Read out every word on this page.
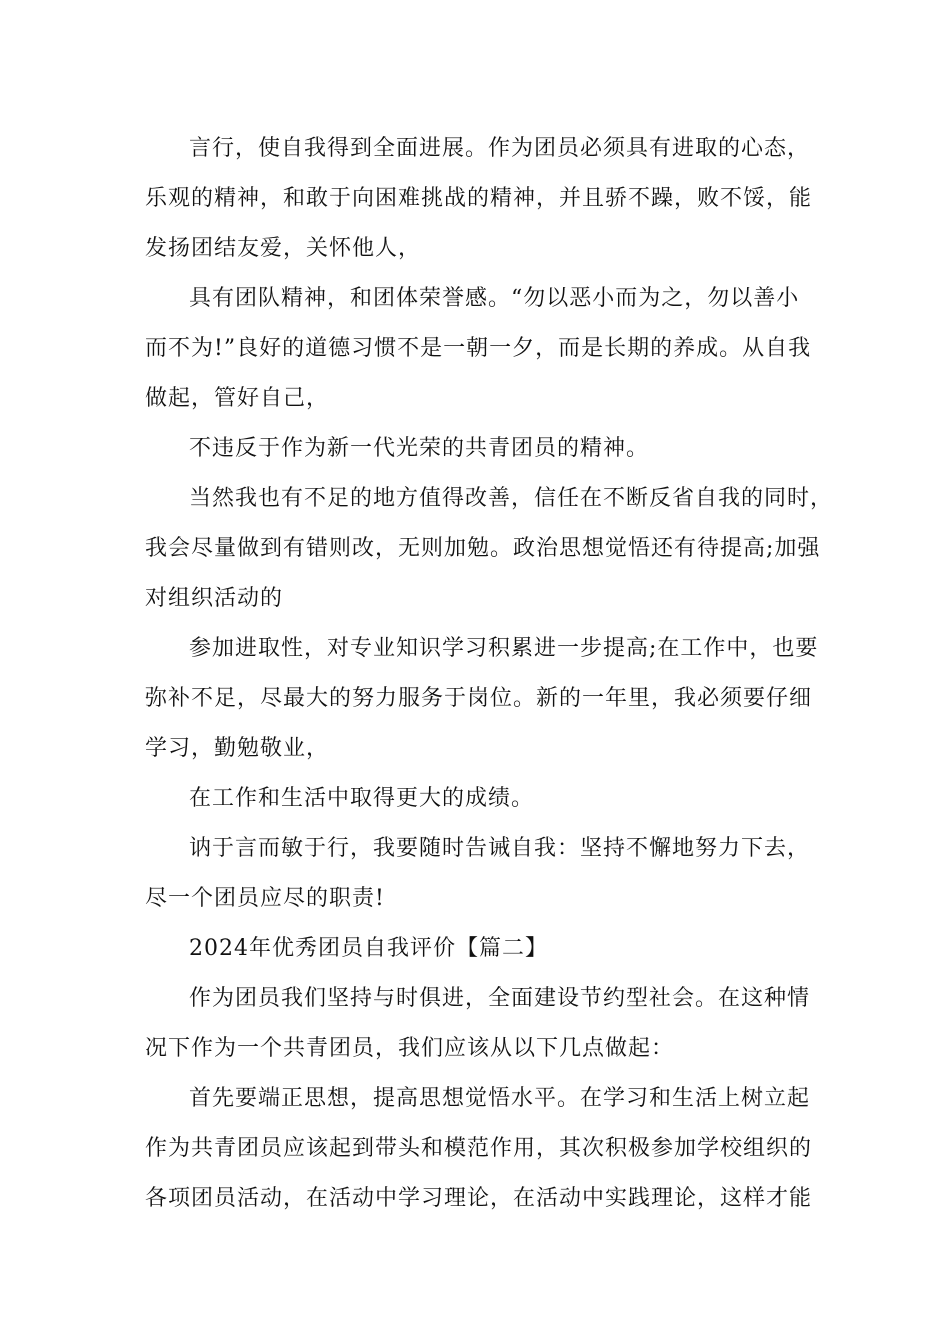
言行，使自我得到全面进展。作为团员必须具有进取的心态，
乐观的精神，和敢于向困难挑战的精神，并且骄不躁，败不馁，能
发扬团结友爱，关怀他人，
具有团队精神，和团体荣誉感。“勿以恶小而为之，勿以善小
而不为!”良好的道德习惯不是一朝一夕，而是长期的养成。从自我
做起，管好自己，
不违反于作为新一代光荣的共青团员的精神。
当然我也有不足的地方值得改善，信任在不断反省自我的同时，
我会尽量做到有错则改，无则加勉。政治思想觉悟还有待提高;加强
对组织活动的
参加进取性，对专业知识学习积累进一步提高;在工作中，也要
弥补不足，尽最大的努力服务于岗位。新的一年里，我必须要仔细
学习，勤勉敬业，
在工作和生活中取得更大的成绩。
讷于言而敏于行，我要随时告诫自我：坚持不懈地努力下去，
尽一个团员应尽的职责!
2024年优秀团员自我评价【篇二】
作为团员我们坚持与时俱进，全面建设节约型社会。在这种情
况下作为一个共青团员，我们应该从以下几点做起：
首先要端正思想，提高思想觉悟水平。在学习和生活上树立起
作为共青团员应该起到带头和模范作用，其次积极参加学校组织的
各项团员活动，在活动中学习理论，在活动中实践理论，这样才能
